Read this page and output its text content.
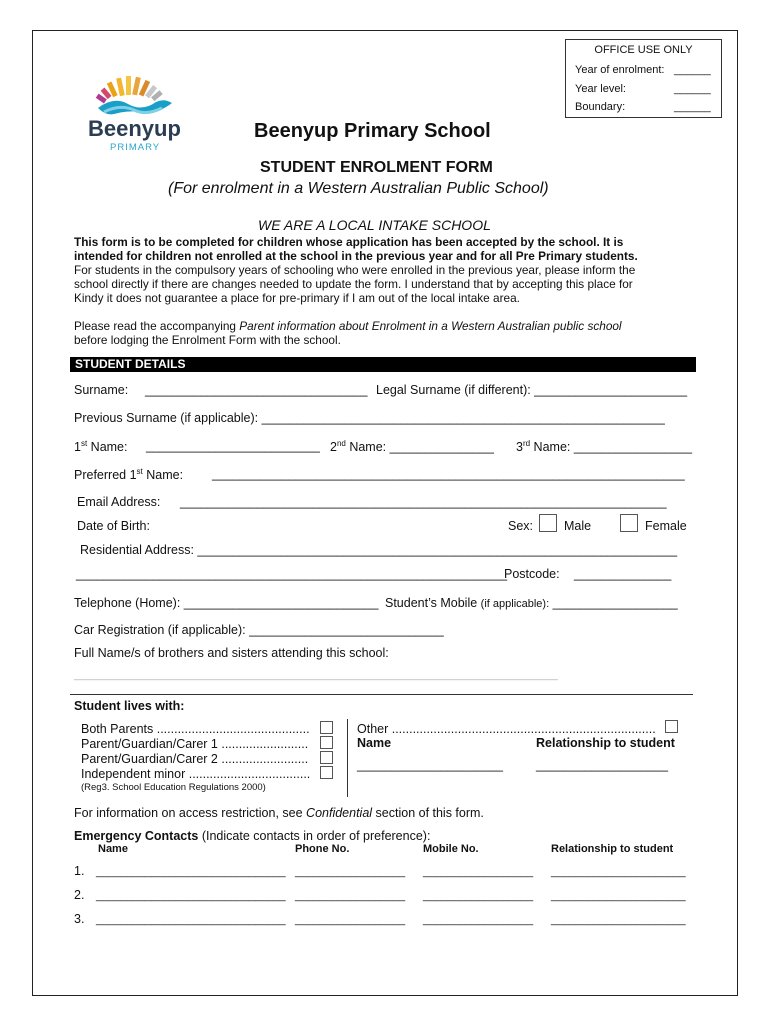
OFFICE USE ONLY
Year of enrolment: ______
Year level:	______
Boundary:	______
Beenyup
PRIMARY
Beenyup Primary School
STUDENT ENROLMENT FORM
(For enrolment in a Western Australian Public School)
WE ARE A LOCAL INTAKE SCHOOL
This form is to be completed for children whose application has been accepted by the school. It is
intended for children not enrolled at the school in the previous year and for all Pre Primary students.
For students in the compulsory years of schooling who were enrolled in the previous year, please inform the
school directly if there are changes needed to update the form. I understand that by accepting this place for
Kindy it does not guarantee a place for pre-primary if I am out of the local intake area.
Please read the accompanying Parent information about Enrolment in a Western Australian public school
before lodging the Enrolment Form with the school.
STUDENT DETAILS
Surname: ________________________________ Legal Surname (if different): ______________________
Previous Surname (if applicable): __________________________________________________________
1st Name: _________________________ 2nd Name: _______________ 3rd Name: _________________
Preferred 1st Name: ____________________________________________________________________
Email Address: ______________________________________________________________________
Date of Birth:	Sex: Male	Female
Residential Address: _____________________________________________________________________
______________________________________________________________
Postcode: ______________
Telephone (Home): ____________________________ Student’s Mobile (if applicable): __________________
Car Registration (if applicable): ____________________________
Full Name/s of brothers and sisters attending this school:
_______________________________________________________________________________________
Student lives with:
Both Parents ............................................
Parent/Guardian/Carer 1 .........................
Parent/Guardian/Carer 2 .........................
Independent minor ...................................
(Reg3. School Education Regulations 2000)
Other ............................................................................
Name	Relationship to student
_____________________	___________________
For information on access restriction, see Confidential section of this form.
Emergency Contacts (Indicate contacts in order of preference):
Name	Phone No.	Mobile No.	Relationship to student
1. _______________________________ __________________ __________________ ______________________
2. _______________________________ __________________ __________________ ______________________
3. _______________________________ __________________ __________________ ______________________
